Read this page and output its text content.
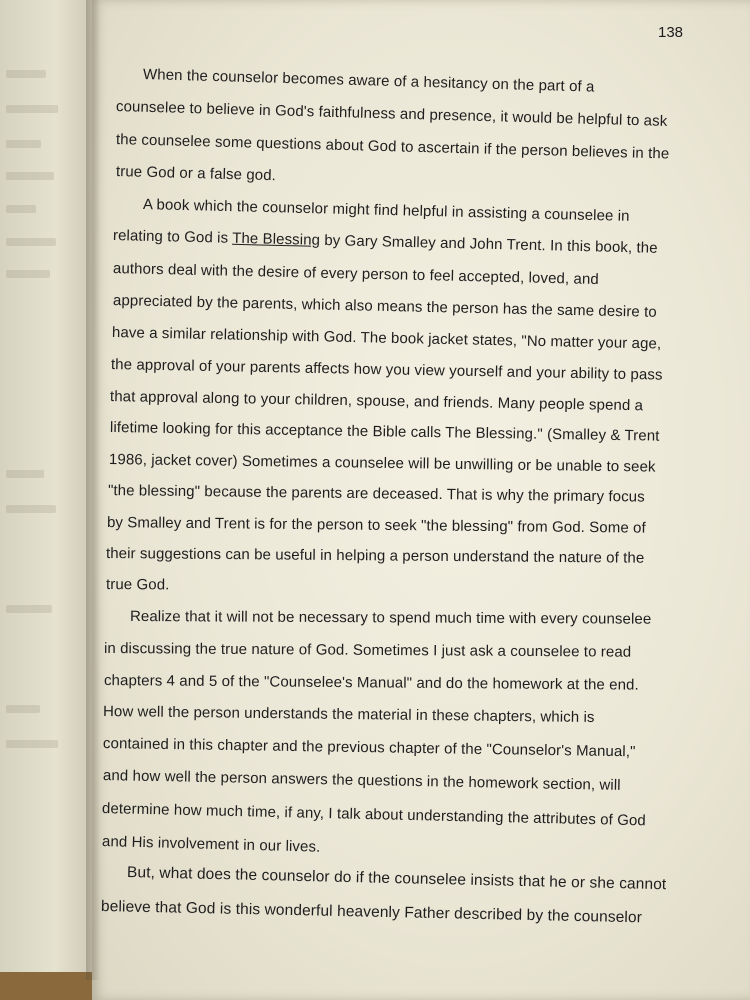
138

When the counselor becomes aware of a hesitancy on the part of a

counselee to believe in God's faithfulness and presence, it would be helpful to ask

the counselee some questions about God to ascertain if the person believes in the

true God or a false god.

A book which the counselor might find helpful in assisting a counselee in

relating to God is The Blessing by Gary Smalley and John Trent. In this book, the

authors deal with the desire of every person to feel accepted, loved, and

appreciated by the parents, which also means the person has the same desire to

have a similar relationship with God. The book jacket states, "No matter your age,

the approval of your parents affects how you view yourself and your ability to pass

that approval along to your children, spouse, and friends. Many people spend a

lifetime looking for this acceptance the Bible calls The Blessing." (Smalley & Trent

1986, jacket cover) Sometimes a counselee will be unwilling or be unable to seek

"the blessing" because the parents are deceased. That is why the primary focus

by Smalley and Trent is for the person to seek "the blessing" from God. Some of

their suggestions can be useful in helping a person understand the nature of the

true God.

Realize that it will not be necessary to spend much time with every counselee

in discussing the true nature of God. Sometimes I just ask a counselee to read

chapters 4 and 5 of the "Counselee's Manual" and do the homework at the end.

How well the person understands the material in these chapters, which is

contained in this chapter and the previous chapter of the "Counselor's Manual,"

and how well the person answers the questions in the homework section, will

determine how much time, if any, I talk about understanding the attributes of God

and His involvement in our lives.

But, what does the counselor do if the counselee insists that he or she cannot

believe that God is this wonderful heavenly Father described by the counselor
